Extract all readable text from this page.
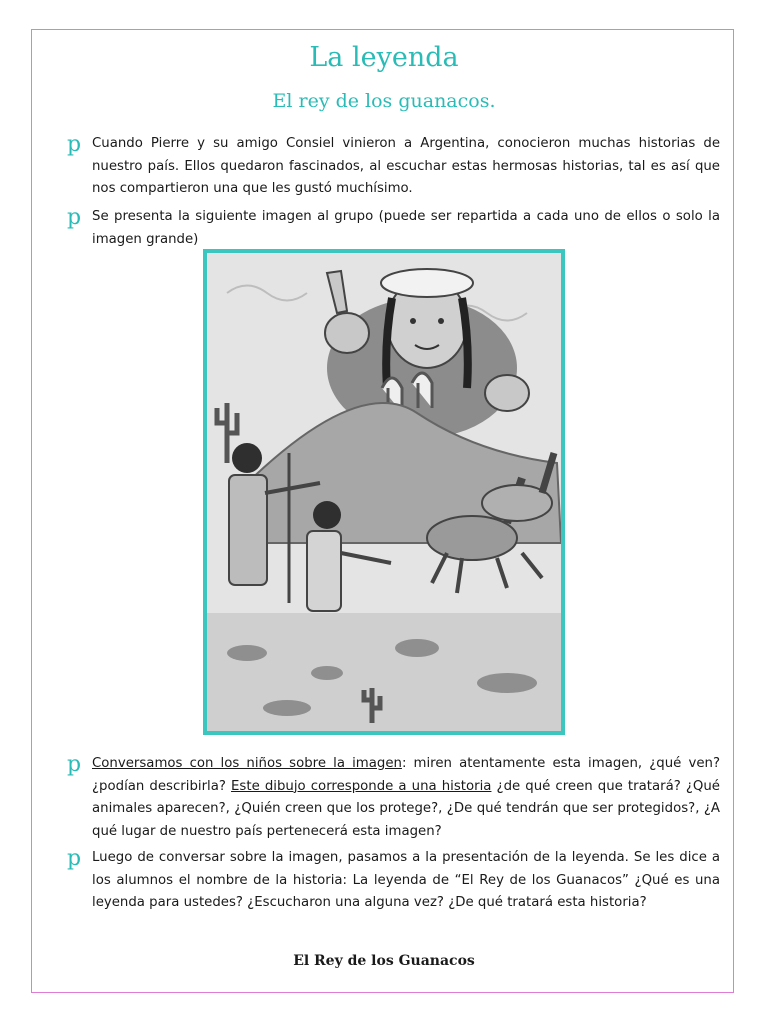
La leyenda
El rey de los guanacos.
p Cuando Pierre y su amigo Consiel vinieron a Argentina, conocieron muchas historias de nuestro país. Ellos quedaron fascinados, al escuchar estas hermosas historias, tal es así que nos compartieron una que les gustó muchísimo.
p Se presenta la siguiente imagen al grupo (puede ser repartida a cada uno de ellos o solo la imagen grande)
p Conversamos con los niños sobre la imagen: miren atentamente esta imagen, ¿qué ven? ¿podían describirla? Este dibujo corresponde a una historia ¿de qué creen que tratará? ¿Qué animales aparecen?, ¿Quién creen que los protege?, ¿De qué tendrán que ser protegidos?, ¿A qué lugar de nuestro país pertenecerá esta imagen?
p Luego de conversar sobre la imagen, pasamos a la presentación de la leyenda. Se les dice a los alumnos el nombre de la historia: La leyenda de “El Rey de los Guanacos” ¿Qué es una leyenda para ustedes? ¿Escucharon una alguna vez? ¿De qué tratará esta historia?
El Rey de los Guanacos
